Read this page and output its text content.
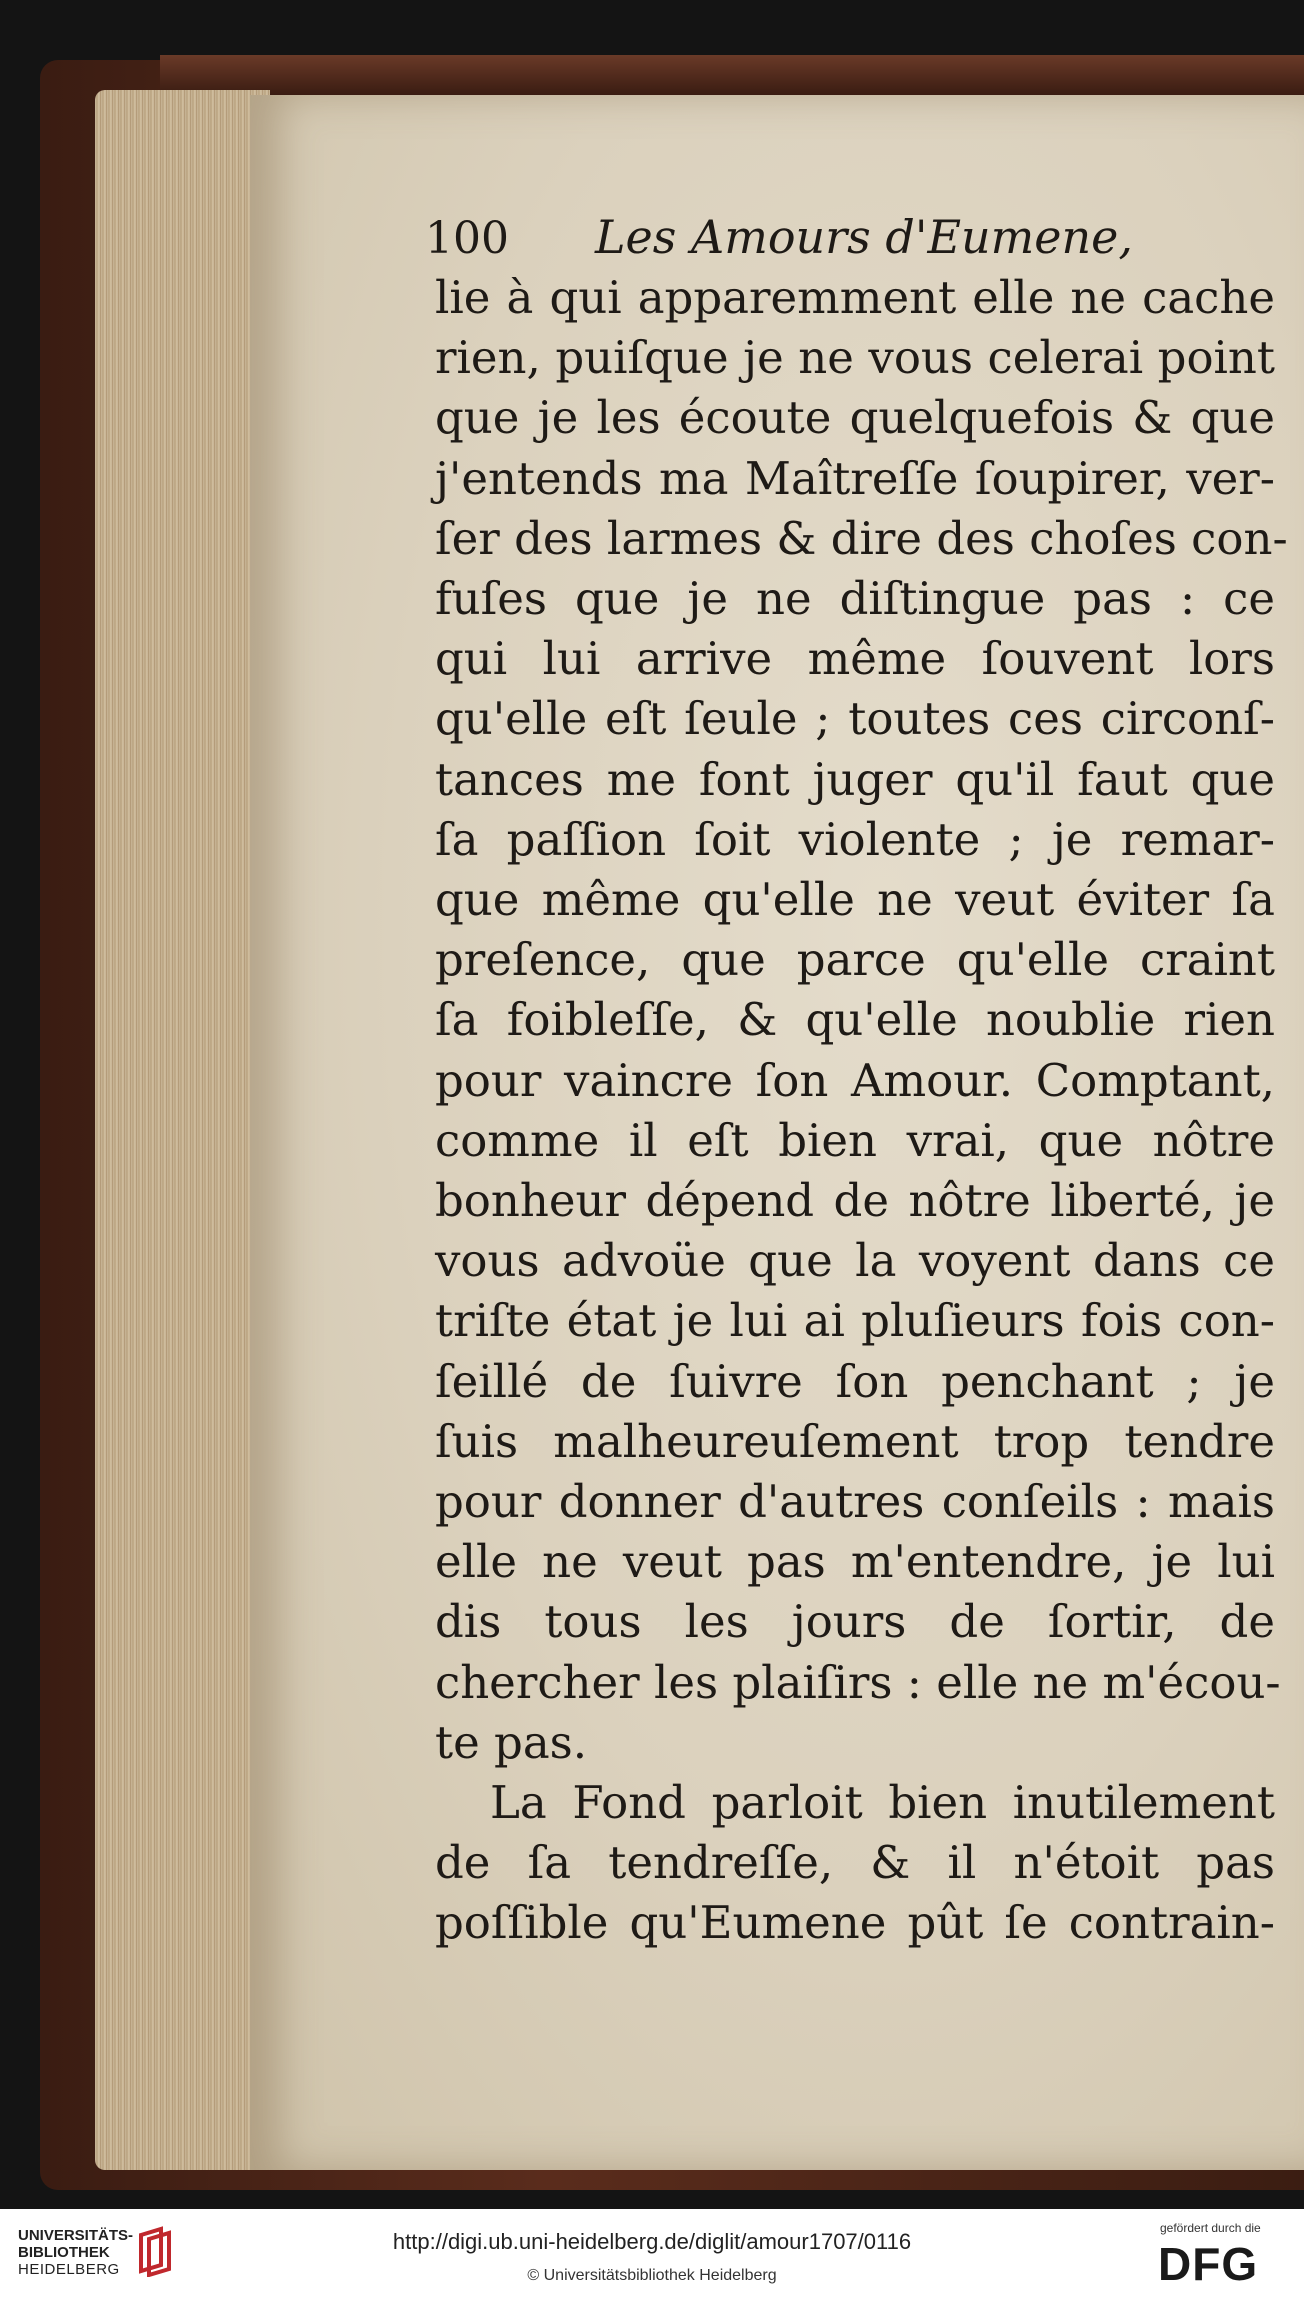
100	Les Amours d'Eumene,
lie à qui apparemment elle ne cache
rien, puiſque je ne vous celerai point
que je les écoute quelquefois & que
j'entends ma Maîtreſſe ſoupirer, ver-
ſer des larmes & dire des choſes con-
fuſes que je ne diſtingue pas : ce
qui lui arrive même ſouvent lors
qu'elle eſt ſeule ; toutes ces circonſ-
tances me font juger qu'il faut que
ſa paſſion ſoit violente ; je remar-
que même qu'elle ne veut éviter ſa
preſence, que parce qu'elle craint
ſa foibleſſe, & qu'elle noublie rien
pour vaincre ſon Amour. Comptant,
comme il eſt bien vrai, que nôtre
bonheur dépend de nôtre liberté, je
vous advoüe que la voyent dans ce
triſte état je lui ai pluſieurs fois con-
ſeillé de ſuivre ſon penchant ; je
ſuis malheureuſement trop tendre
pour donner d'autres conſeils : mais
elle ne veut pas m'entendre, je lui
dis tous les jours de ſortir, de
chercher les plaiſirs : elle ne m'écou-
te pas.
La Fond parloit bien inutilement
de ſa tendreſſe, & il n'étoit pas
poſſible qu'Eumene pût ſe contrain-
UNIVERSITÄTS-
BIBLIOTHEK
HEIDELBERG
http://digi.ub.uni-heidelberg.de/diglit/amour1707/0116
© Universitätsbibliothek Heidelberg
gefördert durch die
DFG
